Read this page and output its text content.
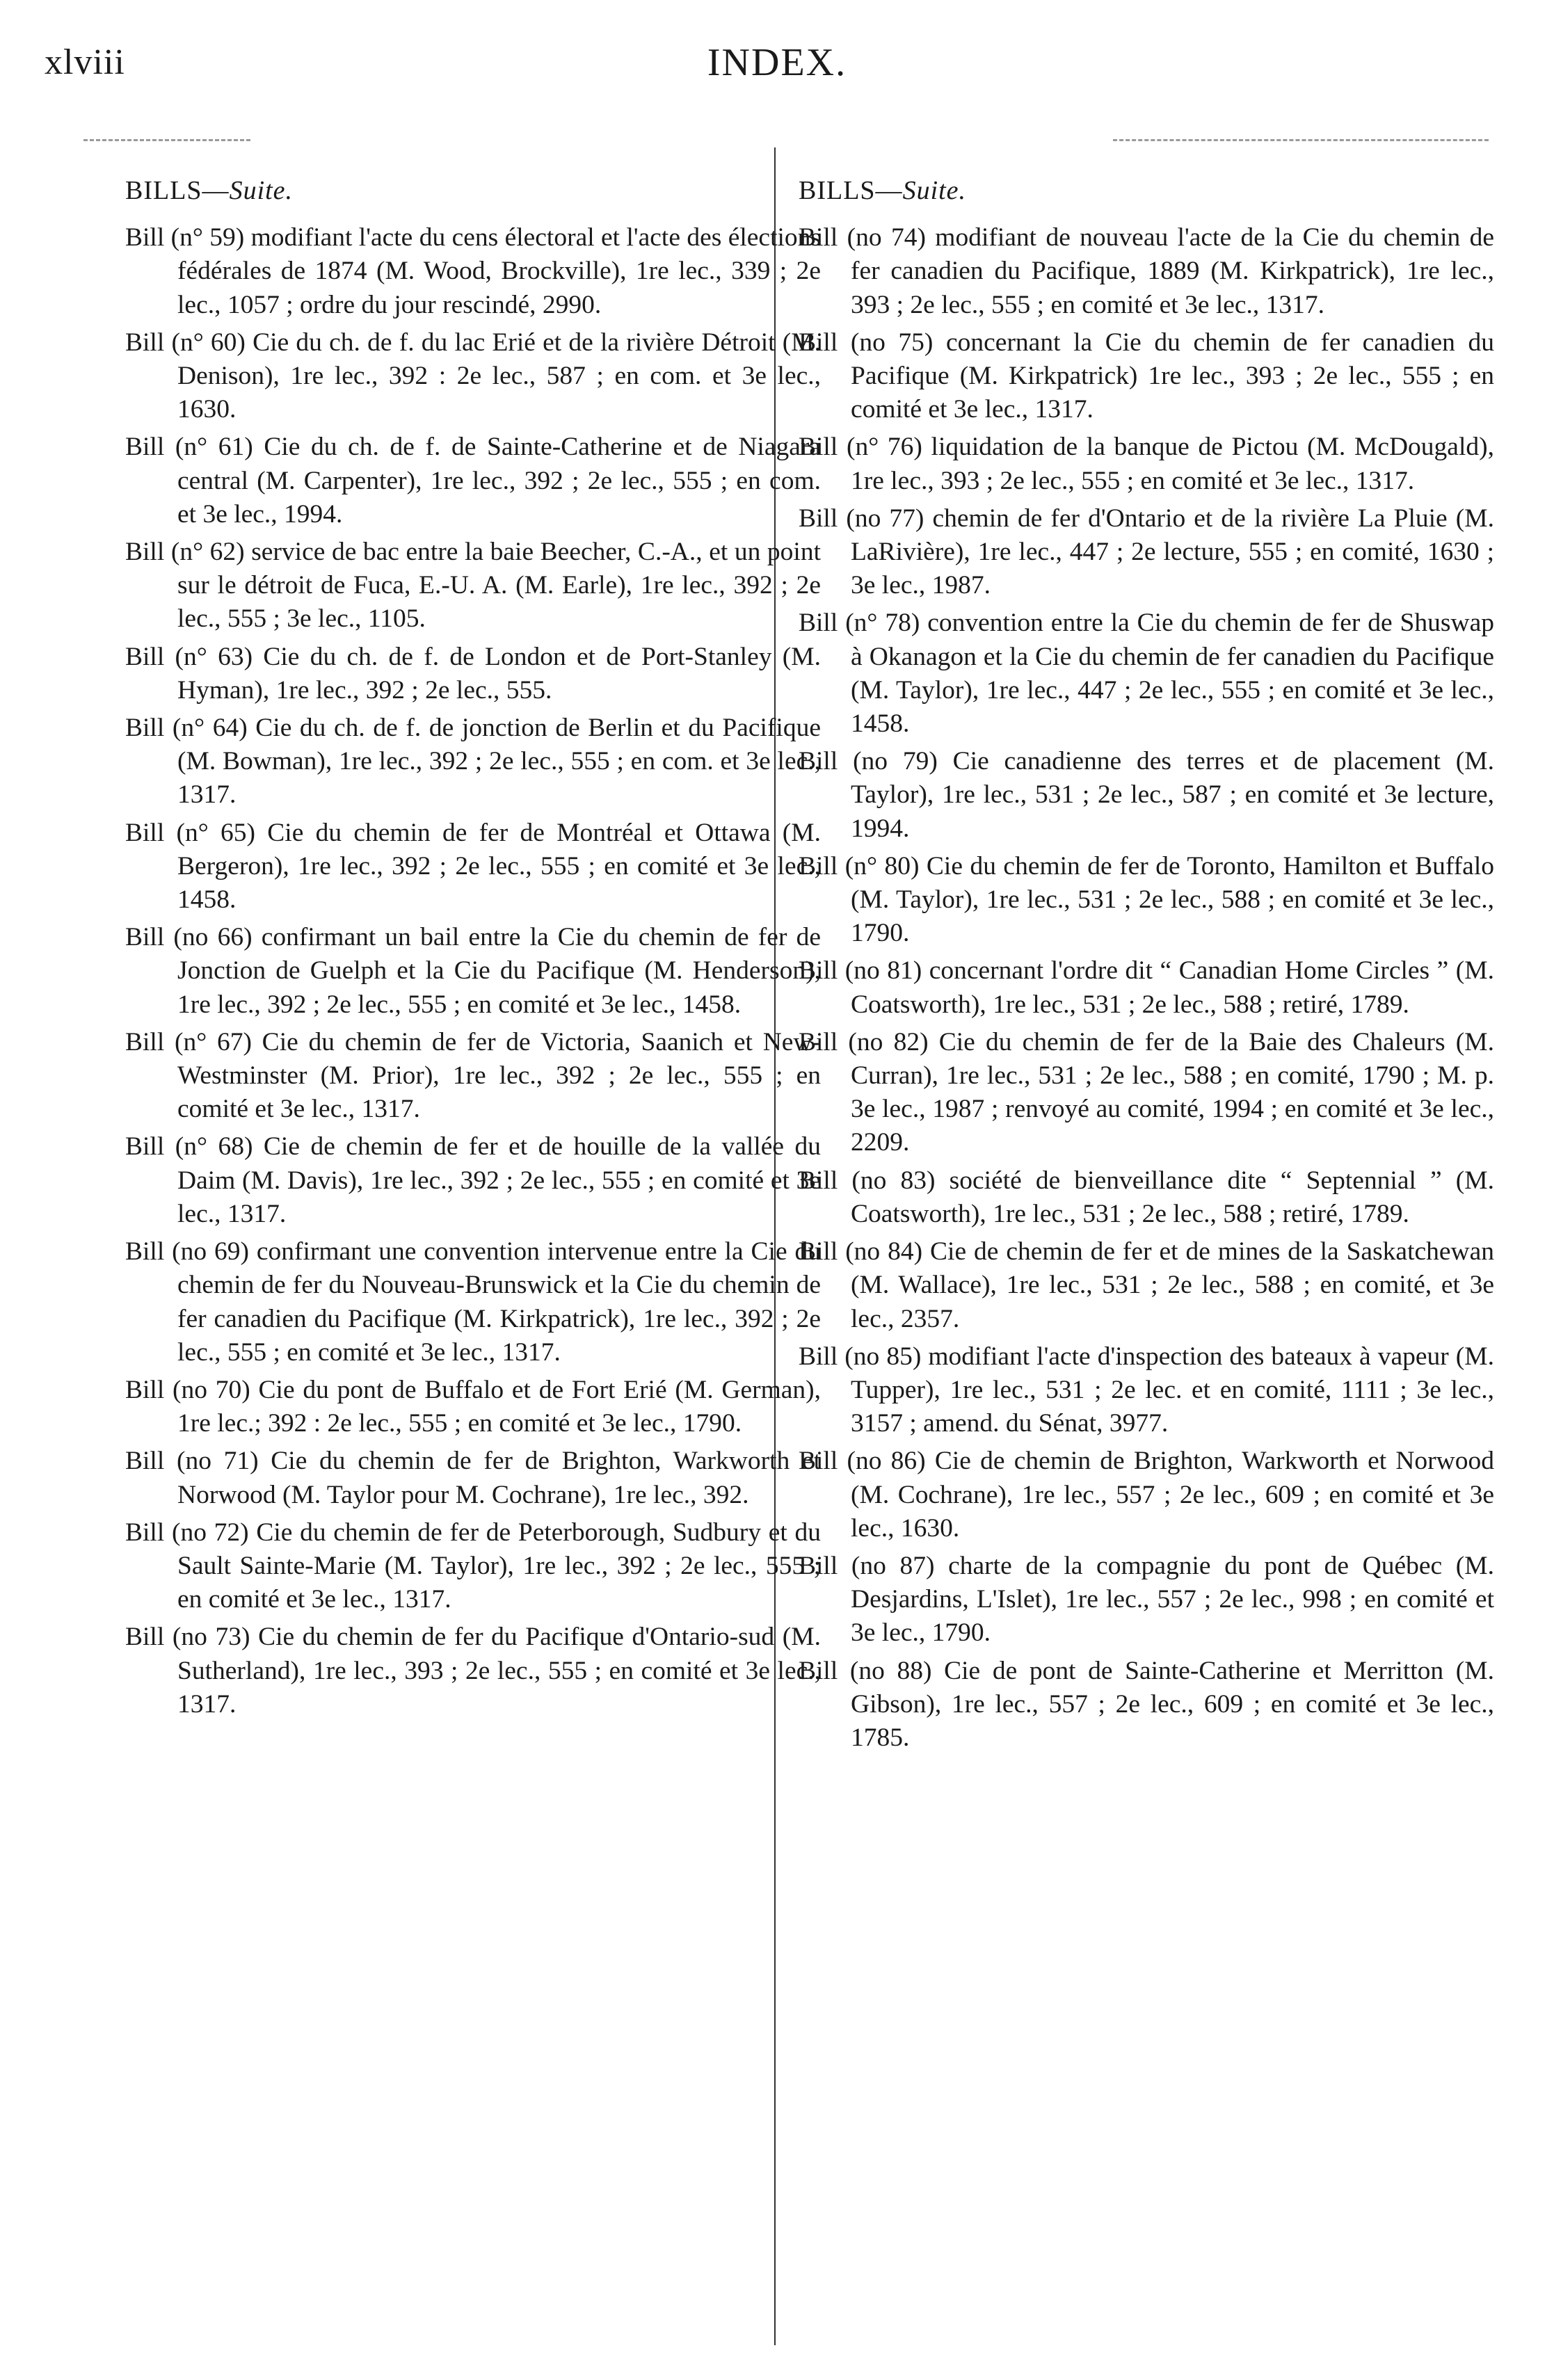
xlviii	INDEX.

BILLS—Suite.

Bill (n° 59) modifiant l'acte du cens électoral et l'acte des élections fédérales de 1874 (M. Wood, Brockville), 1re lec., 339 ; 2e lec., 1057 ; ordre du jour rescindé, 2990.

Bill (n° 60) Cie du ch. de f. du lac Erié et de la rivière Détroit (M. Denison), 1re lec., 392 : 2e lec., 587 ; en com. et 3e lec., 1630.

Bill (n° 61) Cie du ch. de f. de Sainte-Catherine et de Niagara central (M. Carpenter), 1re lec., 392 ; 2e lec., 555 ; en com. et 3e lec., 1994.

Bill (n° 62) service de bac entre la baie Beecher, C.-A., et un point sur le détroit de Fuca, E.-U. A. (M. Earle), 1re lec., 392 ; 2e lec., 555 ; 3e lec., 1105.

Bill (n° 63) Cie du ch. de f. de London et de Port-Stanley (M. Hyman), 1re lec., 392 ; 2e lec., 555.

Bill (n° 64) Cie du ch. de f. de jonction de Berlin et du Pacifique (M. Bowman), 1re lec., 392 ; 2e lec., 555 ; en com. et 3e lec., 1317.

Bill (n° 65) Cie du chemin de fer de Montréal et Ottawa (M. Bergeron), 1re lec., 392 ; 2e lec., 555 ; en comité et 3e lec., 1458.

Bill (no 66) confirmant un bail entre la Cie du chemin de fer de Jonction de Guelph et la Cie du Pacifique (M. Henderson), 1re lec., 392 ; 2e lec., 555 ; en comité et 3e lec., 1458.

Bill (n° 67) Cie du chemin de fer de Victoria, Saanich et New-Westminster (M. Prior), 1re lec., 392 ; 2e lec., 555 ; en comité et 3e lec., 1317.

Bill (n° 68) Cie de chemin de fer et de houille de la vallée du Daim (M. Davis), 1re lec., 392 ; 2e lec., 555 ; en comité et 3e lec., 1317.

Bill (no 69) confirmant une convention intervenue entre la Cie du chemin de fer du Nouveau-Brunswick et la Cie du chemin de fer canadien du Pacifique (M. Kirkpatrick), 1re lec., 392 ; 2e lec., 555 ; en comité et 3e lec., 1317.

Bill (no 70) Cie du pont de Buffalo et de Fort Erié (M. German), 1re lec.; 392 : 2e lec., 555 ; en comité et 3e lec., 1790.

Bill (no 71) Cie du chemin de fer de Brighton, Warkworth et Norwood (M. Taylor pour M. Cochrane), 1re lec., 392.

Bill (no 72) Cie du chemin de fer de Peterborough, Sudbury et du Sault Sainte-Marie (M. Taylor), 1re lec., 392 ; 2e lec., 555 ; en comité et 3e lec., 1317.

Bill (no 73) Cie du chemin de fer du Pacifique d'Ontario-sud (M. Sutherland), 1re lec., 393 ; 2e lec., 555 ; en comité et 3e lec., 1317.

BILLS—Suite.

Bill (no 74) modifiant de nouveau l'acte de la Cie du chemin de fer canadien du Pacifique, 1889 (M. Kirkpatrick), 1re lec., 393 ; 2e lec., 555 ; en comité et 3e lec., 1317.

Bill (no 75) concernant la Cie du chemin de fer canadien du Pacifique (M. Kirkpatrick) 1re lec., 393 ; 2e lec., 555 ; en comité et 3e lec., 1317.

Bill (n° 76) liquidation de la banque de Pictou (M. McDougald), 1re lec., 393 ; 2e lec., 555 ; en comité et 3e lec., 1317.

Bill (no 77) chemin de fer d'Ontario et de la rivière La Pluie (M. LaRivière), 1re lec., 447 ; 2e lecture, 555 ; en comité, 1630 ; 3e lec., 1987.

Bill (n° 78) convention entre la Cie du chemin de fer de Shuswap à Okanagon et la Cie du chemin de fer canadien du Pacifique (M. Taylor), 1re lec., 447 ; 2e lec., 555 ; en comité et 3e lec., 1458.

Bill (no 79) Cie canadienne des terres et de placement (M. Taylor), 1re lec., 531 ; 2e lec., 587 ; en comité et 3e lecture, 1994.

Bill (n° 80) Cie du chemin de fer de Toronto, Hamilton et Buffalo (M. Taylor), 1re lec., 531 ; 2e lec., 588 ; en comité et 3e lec., 1790.

Bill (no 81) concernant l'ordre dit “ Canadian Home Circles ” (M. Coatsworth), 1re lec., 531 ; 2e lec., 588 ; retiré, 1789.

Bill (no 82) Cie du chemin de fer de la Baie des Chaleurs (M. Curran), 1re lec., 531 ; 2e lec., 588 ; en comité, 1790 ; M. p. 3e lec., 1987 ; renvoyé au comité, 1994 ; en comité et 3e lec., 2209.

Bill (no 83) société de bienveillance dite “ Septennial ” (M. Coatsworth), 1re lec., 531 ; 2e lec., 588 ; retiré, 1789.

Bill (no 84) Cie de chemin de fer et de mines de la Saskatchewan (M. Wallace), 1re lec., 531 ; 2e lec., 588 ; en comité, et 3e lec., 2357.

Bill (no 85) modifiant l'acte d'inspection des bateaux à vapeur (M. Tupper), 1re lec., 531 ; 2e lec. et en comité, 1111 ; 3e lec., 3157 ; amend. du Sénat, 3977.

Bill (no 86) Cie de chemin de Brighton, Warkworth et Norwood (M. Cochrane), 1re lec., 557 ; 2e lec., 609 ; en comité et 3e lec., 1630.

Bill (no 87) charte de la compagnie du pont de Québec (M. Desjardins, L'Islet), 1re lec., 557 ; 2e lec., 998 ; en comité et 3e lec., 1790.

Bill (no 88) Cie de pont de Sainte-Catherine et Merritton (M. Gibson), 1re lec., 557 ; 2e lec., 609 ; en comité et 3e lec., 1785.
